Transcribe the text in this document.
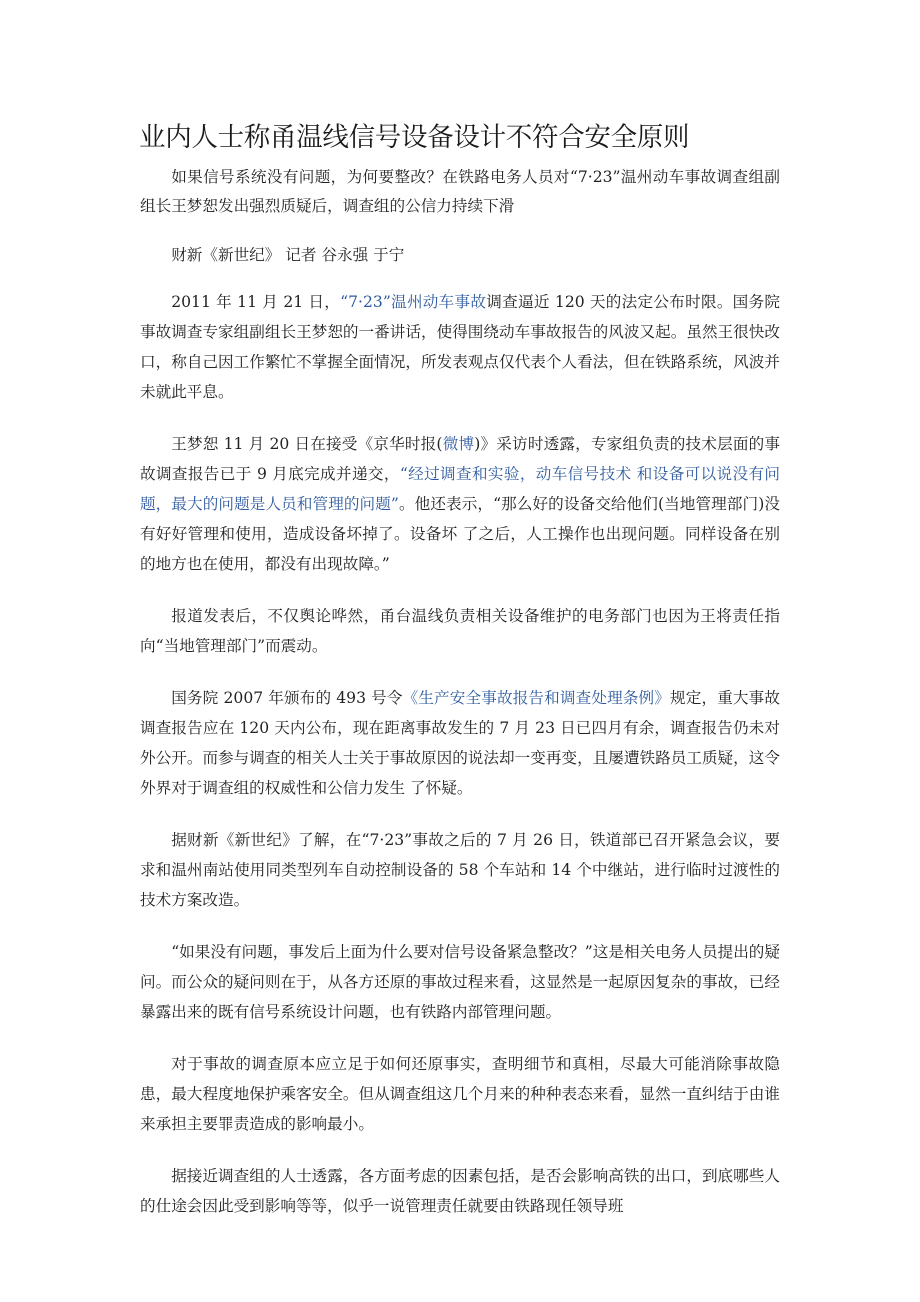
业内人士称甬温线信号设备设计不符合安全原则

如果信号系统没有问题，为何要整改？在铁路电务人员对“7·23”温州动车事故调查组副组长王梦恕发出强烈质疑后，调查组的公信力持续下滑

财新《新世纪》 记者 谷永强 于宁

2011 年 11 月 21 日，“7·23”温州动车事故调查逼近 120 天的法定公布时限。国务院事故调查专家组副组长王梦恕的一番讲话，使得围绕动车事故报告的风波又起。虽然王很快改口，称自己因工作繁忙不掌握全面情况，所发表观点仅代表个人看法，但在铁路系统，风波并未就此平息。

王梦恕 11 月 20 日在接受《京华时报(微博)》采访时透露，专家组负责的技术层面的事故调查报告已于 9 月底完成并递交，“经过调查和实验，动车信号技术 和设备可以说没有问题，最大的问题是人员和管理的问题”。他还表示，“那么好的设备交给他们(当地管理部门)没有好好管理和使用，造成设备坏掉了。设备坏 了之后，人工操作也出现问题。同样设备在别的地方也在使用，都没有出现故障。”

报道发表后，不仅舆论哗然，甬台温线负责相关设备维护的电务部门也因为王将责任指向“当地管理部门”而震动。

国务院 2007 年颁布的 493 号令《生产安全事故报告和调查处理条例》规定，重大事故调查报告应在 120 天内公布，现在距离事故发生的 7 月 23 日已四月有余，调查报告仍未对外公开。而参与调查的相关人士关于事故原因的说法却一变再变，且屡遭铁路员工质疑，这令外界对于调查组的权威性和公信力发生 了怀疑。

据财新《新世纪》了解，在“7·23”事故之后的 7 月 26 日，铁道部已召开紧急会议，要求和温州南站使用同类型列车自动控制设备的 58 个车站和 14 个中继站，进行临时过渡性的技术方案改造。

“如果没有问题，事发后上面为什么要对信号设备紧急整改？”这是相关电务人员提出的疑问。而公众的疑问则在于，从各方还原的事故过程来看，这显然是一起原因复杂的事故，已经暴露出来的既有信号系统设计问题，也有铁路内部管理问题。

对于事故的调查原本应立足于如何还原事实，查明细节和真相，尽最大可能消除事故隐患，最大程度地保护乘客安全。但从调查组这几个月来的种种表态来看，显然一直纠结于由谁来承担主要罪责造成的影响最小。

据接近调查组的人士透露，各方面考虑的因素包括，是否会影响高铁的出口，到底哪些人的仕途会因此受到影响等等，似乎一说管理责任就要由铁路现任领导班
